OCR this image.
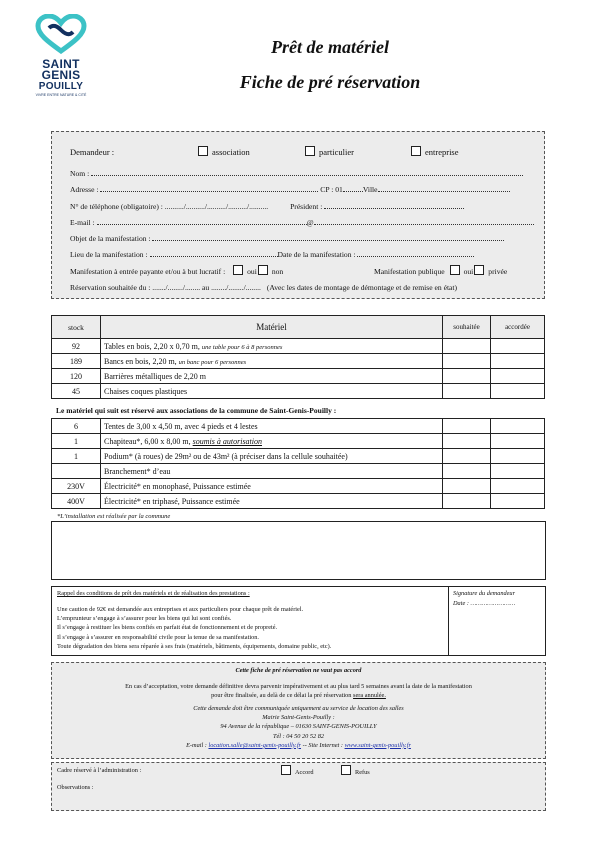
SAINT
GENIS
POUILLY
VIVRE ENTRE NATURE & CITÉ
Prêt de matériel
Fiche de pré réservation
Demandeur :	association	particulier	entreprise
Nom :
Adresse :	CP : 01	Ville
N° de téléphone (obligatoire) : ........../........../........../........../..........	Président :
E-mail :	@
Objet de la manifestation :
Lieu de la manifestation :	Date de la manifestation :
Manifestation à entrée payante et/ou à but lucratif :	oui non	Manifestation publique oui privée
Réservation souhaitée du : ......./......../........ au ......../......../........ (Avec les dates de montage de démontage et de remise en état)
stock	Matériel	souhaitée	accordée
92	Tables en bois, 2,20 x 0,70 m, une table pour 6 à 8 personnes		
189	Bancs en bois, 2,20 m, un banc pour 6 personnes		
120	Barrières métalliques de 2,20 m		
45	Chaises coques plastiques		
Le matériel qui suit est réservé aux associations de la commune de Saint-Genis-Pouilly :
6	Tentes de 3,00 x 4,50 m, avec 4 pieds et 4 lestes		
1	Chapiteau*, 6,00 x 8,00 m, soumis à autorisation		
1	Podium* (à roues) de 29m² ou de 43m² (à préciser dans la cellule souhaitée)		
	Branchement* d’eau		
230V	Électricité* en monophasé, Puissance estimée		
400V	Électricité* en triphasé, Puissance estimée		
*L’installation est réalisée par la commune
Rappel des conditions de prêt des matériels et de réalisation des prestations :
Une caution de 92€ est demandée aux entreprises et aux particuliers pour chaque prêt de matériel.
L’emprunteur s’engage à s’assurer pour les biens qui lui sont confiés.
Il s’engage à restituer les biens confiés en parfait état de fonctionnement et de propreté.
Il s’engage à s’assurer en responsabilité civile pour la tenue de sa manifestation.
Toute dégradation des biens sera réparée à ses frais (matériels, bâtiments, équipements, domaine public, etc).
Signature du demandeur
Date : ……………………
Cette fiche de pré réservation ne vaut pas accord
En cas d’acceptation, votre demande définitive devra parvenir impérativement et au plus tard 5 semaines avant la date de la manifestation
pour être finalisée, au delà de ce délai la pré réservation sera annulée.
Cette demande doit être communiquée uniquement au service de location des salles
Mairie Saint-Genis-Pouilly :
94 Avenue de la république – 01630 SAINT-GENIS-POUILLY
Tél : 04 50 20 52 82
E-mail : location.salle@saint-genis-pouilly.fr -- Site Internet : www.saint-genis-pouilly.fr
Cadre réservé à l’administration :	Accord	Refus
Observations :
